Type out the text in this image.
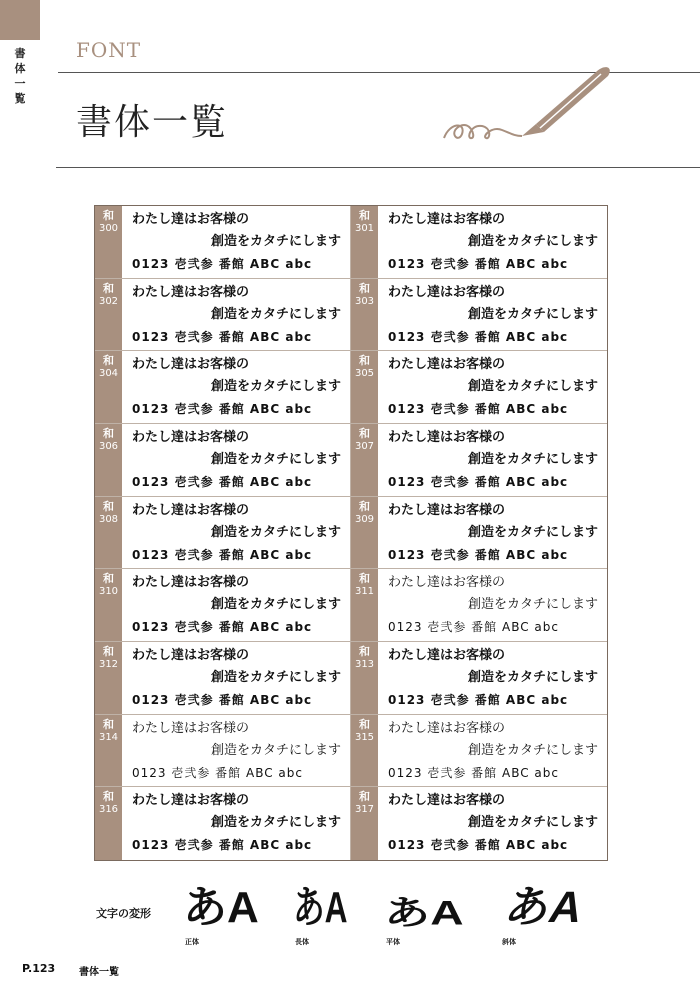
書体一覧
FONT
書体一覧
和
300
わたし達はお客様の
創造をカタチにします
0123 壱弐参 番館 ABC abc
和
301
わたし達はお客様の
創造をカタチにします
0123 壱弐参 番館 ABC abc
和
302
わたし達はお客様の
創造をカタチにします
0123 壱弐参 番館 ABC abc
和
303
わたし達はお客様の
創造をカタチにします
0123 壱弐参 番館 ABC abc
和
304
わたし達はお客様の
創造をカタチにします
0123 壱弐参 番館 ABC abc
和
305
わたし達はお客様の
創造をカタチにします
0123 壱弐参 番館 ABC abc
和
306
わたし達はお客様の
創造をカタチにします
0123 壱弐参 番館 ABC abc
和
307
わたし達はお客様の
創造をカタチにします
0123 壱弐参 番館 ABC abc
和
308
わたし達はお客様の
創造をカタチにします
0123 壱弐参 番館 ABC abc
和
309
わたし達はお客様の
創造をカタチにします
0123 壱弐参 番館 ABC abc
和
310
わたし達はお客様の
創造をカタチにします
0123 壱弐参 番館 ABC abc
和
311
わたし達はお客様の
創造をカタチにします
0123 壱弐参 番館 ABC abc
和
312
わたし達はお客様の
創造をカタチにします
0123 壱弐参 番館 ABC abc
和
313
わたし達はお客様の
創造をカタチにします
0123 壱弐参 番館 ABC abc
和
314
わたし達はお客様の
創造をカタチにします
0123 壱弐参 番館 ABC abc
和
315
わたし達はお客様の
創造をカタチにします
0123 壱弐参 番館 ABC abc
和
316
わたし達はお客様の
創造をカタチにします
0123 壱弐参 番館 ABC abc
和
317
わたし達はお客様の
創造をカタチにします
0123 壱弐参 番館 ABC abc
文字の変形 あA
正体
あA
長体
あA
平体
あA
斜体
P.123 書体一覧
